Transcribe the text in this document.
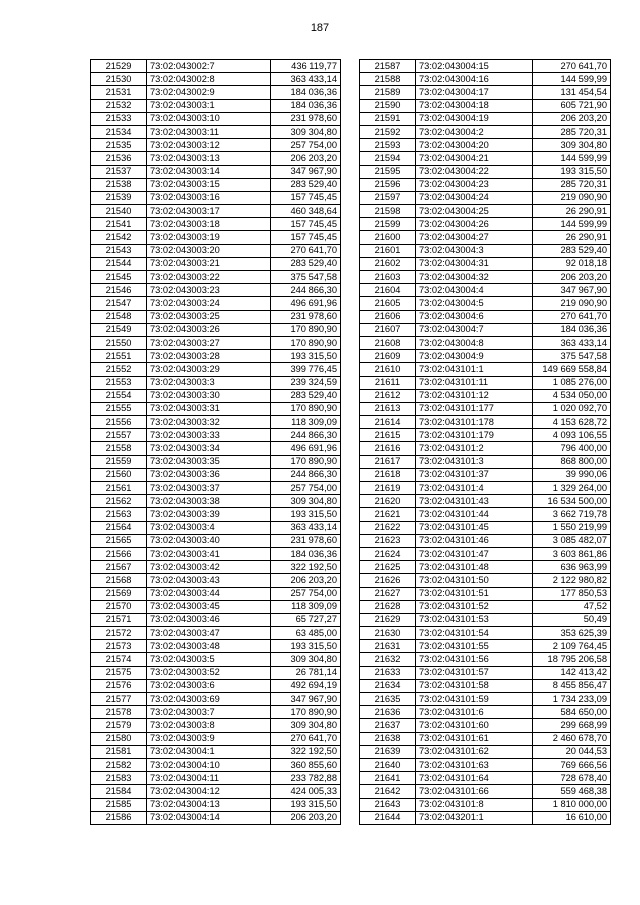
187
21529	73:02:043002:7	436 119,77
21530	73:02:043002:8	363 433,14
21531	73:02:043002:9	184 036,36
21532	73:02:043003:1	184 036,36
21533	73:02:043003:10	231 978,60
21534	73:02:043003:11	309 304,80
21535	73:02:043003:12	257 754,00
21536	73:02:043003:13	206 203,20
21537	73:02:043003:14	347 967,90
21538	73:02:043003:15	283 529,40
21539	73:02:043003:16	157 745,45
21540	73:02:043003:17	460 348,64
21541	73:02:043003:18	157 745,45
21542	73:02:043003:19	157 745,45
21543	73:02:043003:20	270 641,70
21544	73:02:043003:21	283 529,40
21545	73:02:043003:22	375 547,58
21546	73:02:043003:23	244 866,30
21547	73:02:043003:24	496 691,96
21548	73:02:043003:25	231 978,60
21549	73:02:043003:26	170 890,90
21550	73:02:043003:27	170 890,90
21551	73:02:043003:28	193 315,50
21552	73:02:043003:29	399 776,45
21553	73:02:043003:3	239 324,59
21554	73:02:043003:30	283 529,40
21555	73:02:043003:31	170 890,90
21556	73:02:043003:32	118 309,09
21557	73:02:043003:33	244 866,30
21558	73:02:043003:34	496 691,96
21559	73:02:043003:35	170 890,90
21560	73:02:043003:36	244 866,30
21561	73:02:043003:37	257 754,00
21562	73:02:043003:38	309 304,80
21563	73:02:043003:39	193 315,50
21564	73:02:043003:4	363 433,14
21565	73:02:043003:40	231 978,60
21566	73:02:043003:41	184 036,36
21567	73:02:043003:42	322 192,50
21568	73:02:043003:43	206 203,20
21569	73:02:043003:44	257 754,00
21570	73:02:043003:45	118 309,09
21571	73:02:043003:46	65 727,27
21572	73:02:043003:47	63 485,00
21573	73:02:043003:48	193 315,50
21574	73:02:043003:5	309 304,80
21575	73:02:043003:52	26 781,14
21576	73:02:043003:6	492 694,19
21577	73:02:043003:69	347 967,90
21578	73:02:043003:7	170 890,90
21579	73:02:043003:8	309 304,80
21580	73:02:043003:9	270 641,70
21581	73:02:043004:1	322 192,50
21582	73:02:043004:10	360 855,60
21583	73:02:043004:11	233 782,88
21584	73:02:043004:12	424 005,33
21585	73:02:043004:13	193 315,50
21586	73:02:043004:14	206 203,20
21587	73:02:043004:15	270 641,70
21588	73:02:043004:16	144 599,99
21589	73:02:043004:17	131 454,54
21590	73:02:043004:18	605 721,90
21591	73:02:043004:19	206 203,20
21592	73:02:043004:2	285 720,31
21593	73:02:043004:20	309 304,80
21594	73:02:043004:21	144 599,99
21595	73:02:043004:22	193 315,50
21596	73:02:043004:23	285 720,31
21597	73:02:043004:24	219 090,90
21598	73:02:043004:25	26 290,91
21599	73:02:043004:26	144 599,99
21600	73:02:043004:27	26 290,91
21601	73:02:043004:3	283 529,40
21602	73:02:043004:31	92 018,18
21603	73:02:043004:32	206 203,20
21604	73:02:043004:4	347 967,90
21605	73:02:043004:5	219 090,90
21606	73:02:043004:6	270 641,70
21607	73:02:043004:7	184 036,36
21608	73:02:043004:8	363 433,14
21609	73:02:043004:9	375 547,58
21610	73:02:043101:1	149 669 558,84
21611	73:02:043101:11	1 085 276,00
21612	73:02:043101:12	4 534 050,00
21613	73:02:043101:177	1 020 092,70
21614	73:02:043101:178	4 153 628,72
21615	73:02:043101:179	4 093 106,55
21616	73:02:043101:2	796 400,00
21617	73:02:043101:3	868 800,00
21618	73:02:043101:37	39 990,06
21619	73:02:043101:4	1 329 264,00
21620	73:02:043101:43	16 534 500,00
21621	73:02:043101:44	3 662 719,78
21622	73:02:043101:45	1 550 219,99
21623	73:02:043101:46	3 085 482,07
21624	73:02:043101:47	3 603 861,86
21625	73:02:043101:48	636 963,99
21626	73:02:043101:50	2 122 980,82
21627	73:02:043101:51	177 850,53
21628	73:02:043101:52	47,52
21629	73:02:043101:53	50,49
21630	73:02:043101:54	353 625,39
21631	73:02:043101:55	2 109 764,45
21632	73:02:043101:56	18 795 206,58
21633	73:02:043101:57	142 413,42
21634	73:02:043101:58	8 455 856,47
21635	73:02:043101:59	1 734 233,09
21636	73:02:043101:6	584 650,00
21637	73:02:043101:60	299 668,99
21638	73:02:043101:61	2 460 678,70
21639	73:02:043101:62	20 044,53
21640	73:02:043101:63	769 666,56
21641	73:02:043101:64	728 678,40
21642	73:02:043101:66	559 468,38
21643	73:02:043101:8	1 810 000,00
21644	73:02:043201:1	16 610,00
